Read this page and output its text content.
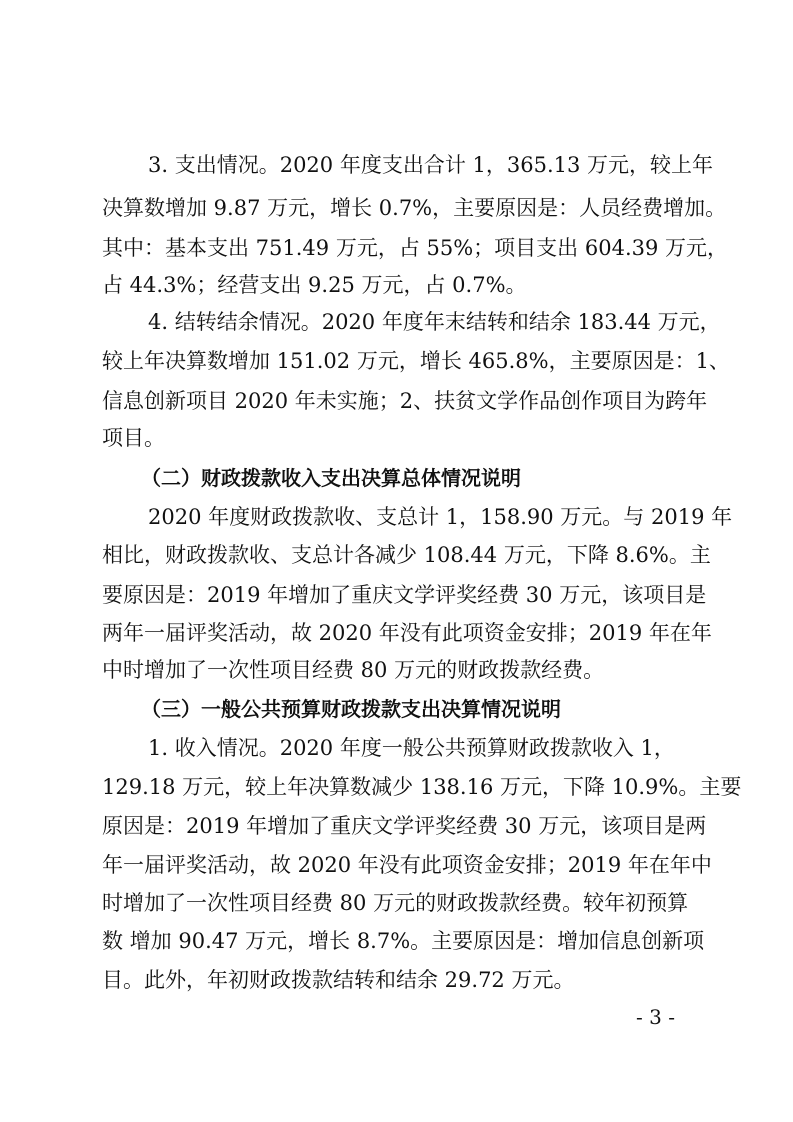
3. 支出情况。2020 年度支出合计 1，365.13 万元，较上年
决算数增加 9.87 万元，增长 0.7%，主要原因是：人员经费增加。
其中：基本支出 751.49 万元，占 55%；项目支出 604.39 万元，
占 44.3%；经营支出 9.25 万元，占 0.7%。
4. 结转结余情况。2020 年度年末结转和结余 183.44 万元，
较上年决算数增加 151.02 万元，增长 465.8%，主要原因是：1、
信息创新项目 2020 年未实施；2、扶贫文学作品创作项目为跨年
项目。
（二）财政拨款收入支出决算总体情况说明
2020 年度财政拨款收、支总计 1，158.90 万元。与 2019 年
相比，财政拨款收、支总计各减少 108.44 万元，下降 8.6%。主
要原因是：2019 年增加了重庆文学评奖经费 30 万元，该项目是
两年一届评奖活动，故 2020 年没有此项资金安排；2019 年在年
中时增加了一次性项目经费 80 万元的财政拨款经费。
（三）一般公共预算财政拨款支出决算情况说明
1. 收入情况。2020 年度一般公共预算财政拨款收入 1，
129.18 万元，较上年决算数减少 138.16 万元，下降 10.9%。主要
原因是：2019 年增加了重庆文学评奖经费 30 万元，该项目是两
年一届评奖活动，故 2020 年没有此项资金安排；2019 年在年中
时增加了一次性项目经费 80 万元的财政拨款经费。较年初预算
数 增加 90.47 万元，增长 8.7%。主要原因是：增加信息创新项
目。此外，年初财政拨款结转和结余 29.72 万元。
- 3 -
